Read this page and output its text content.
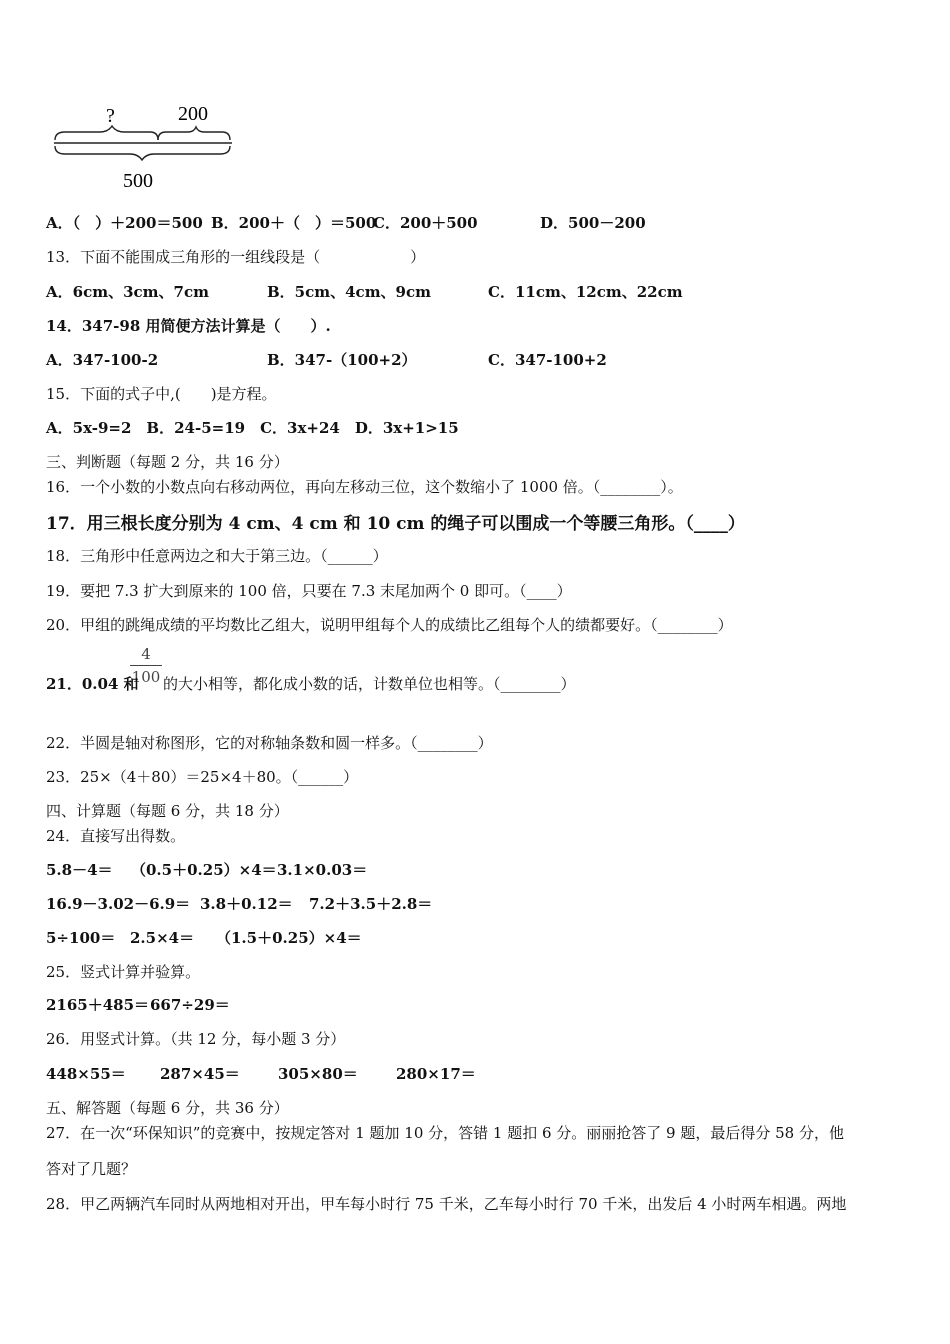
?	200
500
A．（　）＋200＝500 B．200＋（　）＝500
C．200＋500	D．500－200
13．下面不能围成三角形的一组线段是（　　　　　　）
A．6cm、3cm、7cm	B．5cm、4cm、9cm	C．11cm、12cm、22cm
14．347-98 用简便方法计算是（　　）.
A．347-100-2	B．347-（100+2）	C．347-100+2
15．下面的式子中,(　　)是方程。
A．5x-9=2　B．24-5=19　C．3x+24　D．3x+1>15
三、判断题（每题 2 分，共 16 分）
16．一个小数的小数点向右移动两位，再向左移动三位，这个数缩小了 1000 倍。（________）。
17．用三根长度分别为 4 cm、4 cm 和 10 cm 的绳子可以围成一个等腰三角形。（____）
18．三角形中任意两边之和大于第三边。（______）
19．要把 7.3 扩大到原来的 100 倍，只要在 7.3 末尾加两个 0 即可。（____）
20．甲组的跳绳成绩的平均数比乙组大，说明甲组每个人的成绩比乙组每个人的绩都要好。（________）
4
100
21．0.04 和 的大小相等，都化成小数的话，计数单位也相等。（________）
22．半圆是轴对称图形，它的对称轴条数和圆一样多。（________）
23．25×（4＋80）＝25×4＋80。（______）
四、计算题（每题 6 分，共 18 分）
24．直接写出得数。
5.8－4＝ （0.5＋0.25）×4＝ 3.1×0.03＝
16.9－3.02－6.9＝ 3.8＋0.12＝ 7.2＋3.5＋2.8＝
5÷100＝ 2.5×4＝ （1.5＋0.25）×4＝
25．竖式计算并验算。
2165＋485＝ 667÷29＝
26．用竖式计算。（共 12 分，每小题 3 分）
448×55＝ 287×45＝	305×80＝	280×17＝
五、解答题（每题 6 分，共 36 分）
27．在一次“环保知识”的竞赛中，按规定答对 1 题加 10 分，答错 1 题扣 6 分。丽丽抢答了 9 题，最后得分 58 分，他
答对了几题？
28．甲乙两辆汽车同时从两地相对开出，甲车每小时行 75 千米，乙车每小时行 70 千米，出发后 4 小时两车相遇。两地
